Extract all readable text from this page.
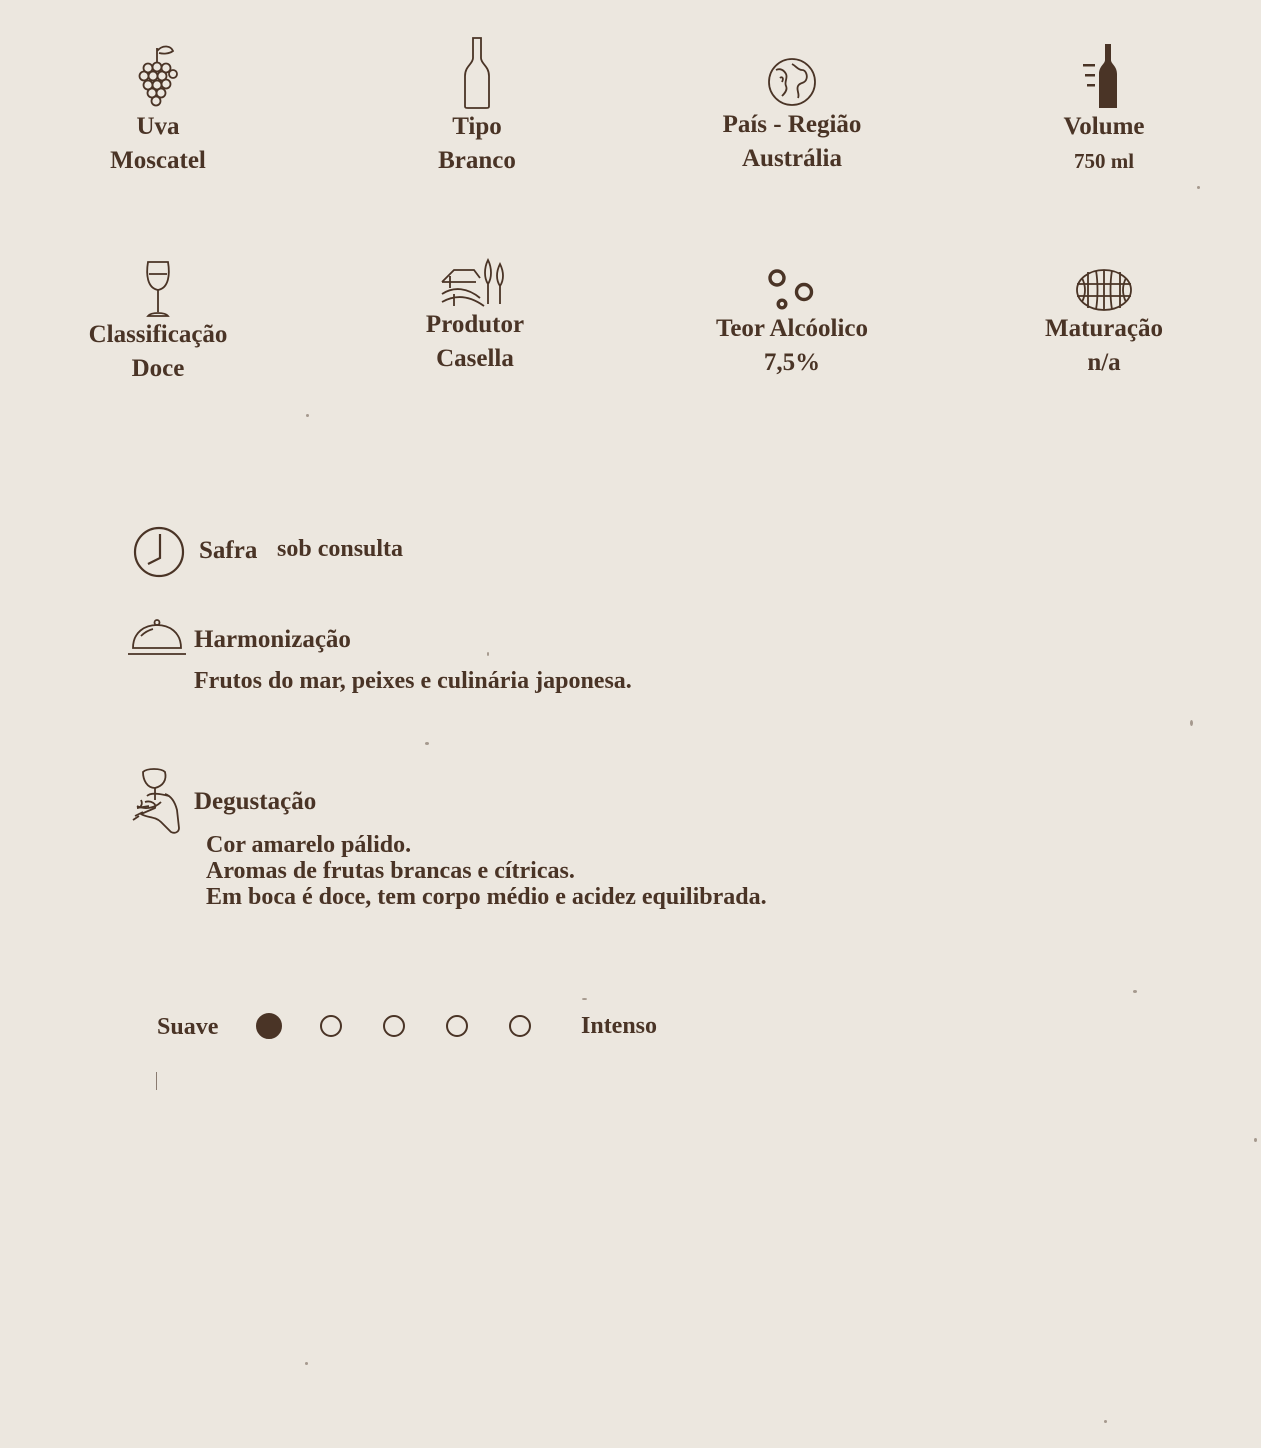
Uva
Moscatel
Tipo
Branco
País - Região
Austrália
Volume
750 ml
Classificação
Doce
Produtor
Casella
Teor Alcóolico
7,5%
Maturação
n/a
Safra sob consulta
Harmonização
Frutos do mar, peixes e culinária japonesa.
Degustação
Cor amarelo pálido.
Aromas de frutas brancas e cítricas.
Em boca é doce, tem corpo médio e acidez equilibrada.
Suave	Intenso
